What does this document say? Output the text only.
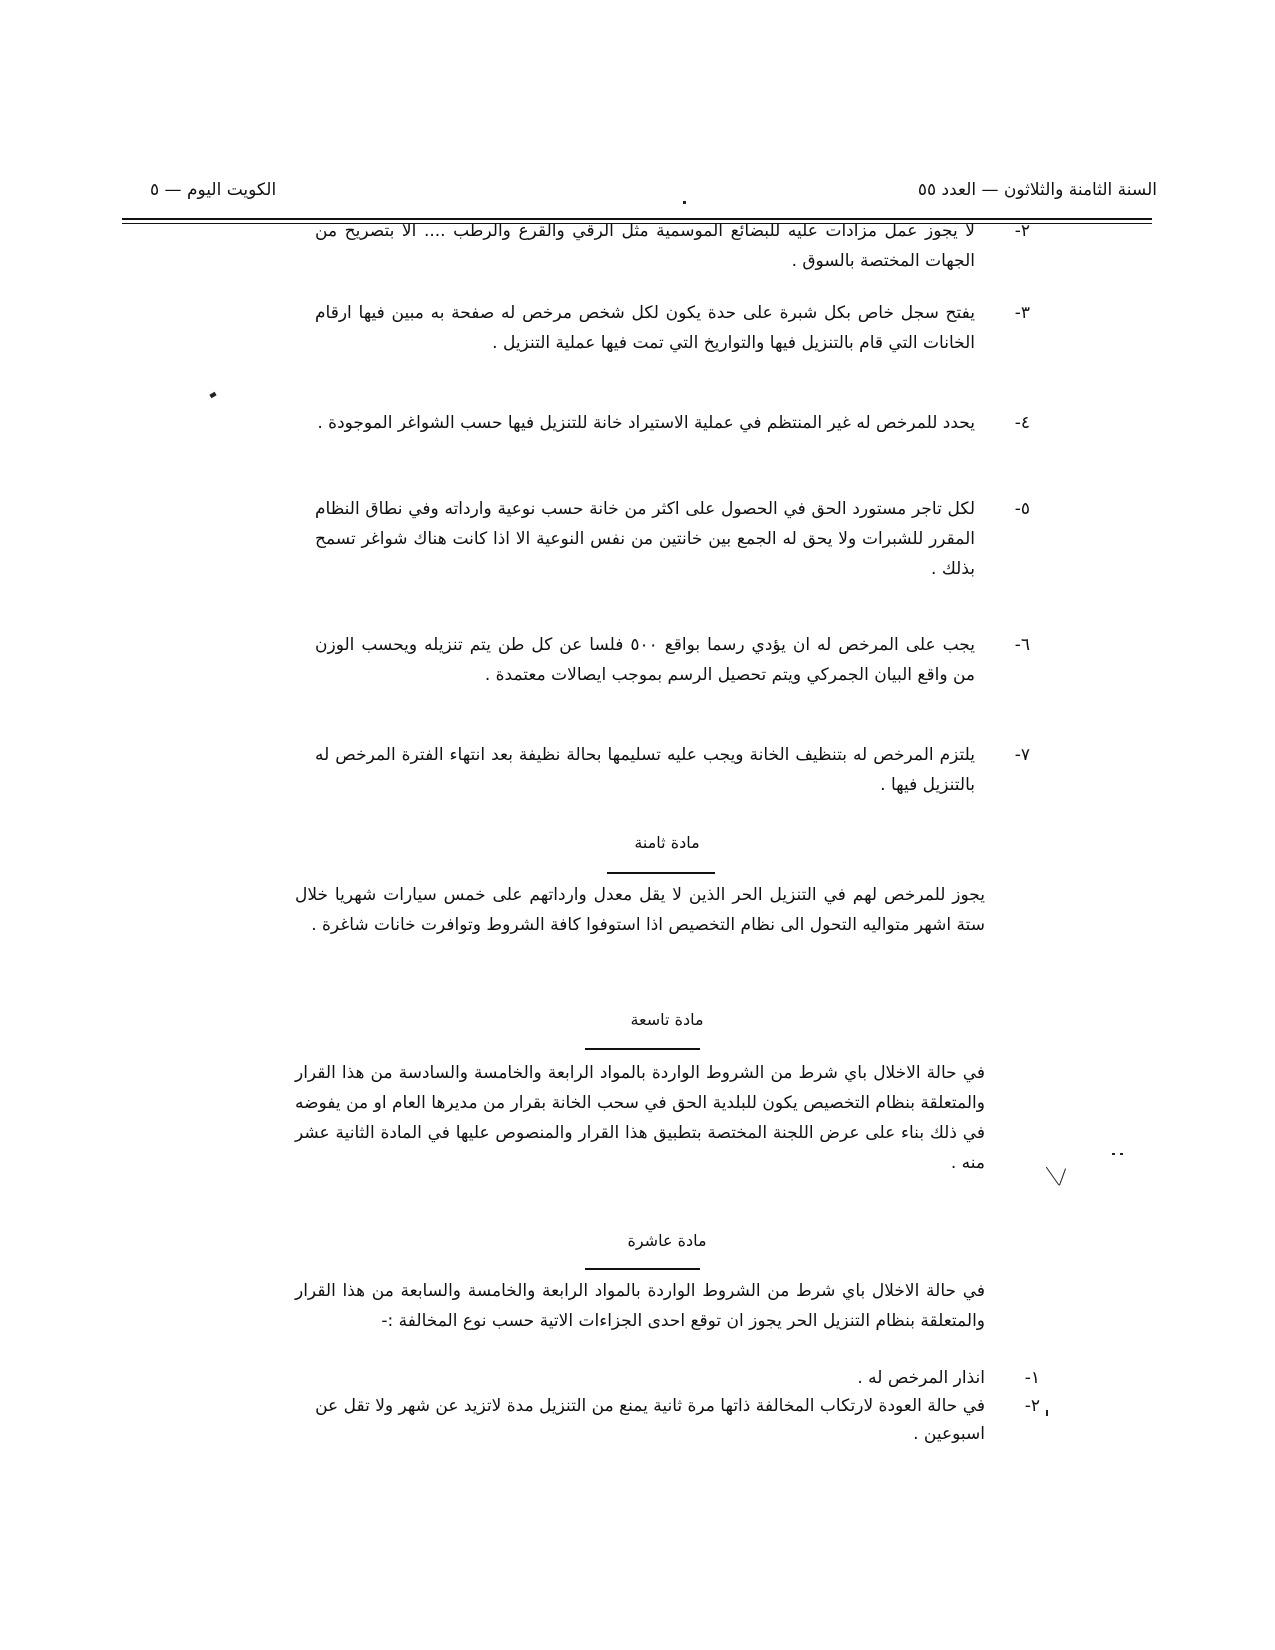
السنة الثامنة والثلاثون — العدد ٥٥
الكويت اليوم — ٥
٢-
لا يجوز عمل مزادات عليه للبضائع الموسمية مثل الرقي والقرع والرطب .... الا بتصريح من الجهات المختصة بالسوق .
٣-
يفتح سجل خاص بكل شبرة على حدة يكون لكل شخص مرخص له صفحة به مبين فيها ارقام الخانات التي قام بالتنزيل فيها والتواريخ التي تمت فيها عملية التنزيل .
٤-
يحدد للمرخص له غير المنتظم في عملية الاستيراد خانة للتنزيل فيها حسب الشواغر الموجودة .
٥-
لكل تاجر مستورد الحق في الحصول على اكثر من خانة حسب نوعية وارداته وفي نطاق النظام المقرر للشبرات ولا يحق له الجمع بين خانتين من نفس النوعية الا اذا كانت هناك شواغر تسمح بذلك .
٦-
يجب على المرخص له ان يؤدي رسما بواقع ٥٠٠ فلسا عن كل طن يتم تنزيله ويحسب الوزن من واقع البيان الجمركي ويتم تحصيل الرسم بموجب ايصالات معتمدة .
٧-
يلتزم المرخص له بتنظيف الخانة ويجب عليه تسليمها بحالة نظيفة بعد انتهاء الفترة المرخص له بالتنزيل فيها .
مادة ثامنة
يجوز للمرخص لهم في التنزيل الحر الذين لا يقل معدل وارداتهم على خمس سيارات شهريا خلال ستة اشهر متواليه التحول الى نظام التخصيص اذا استوفوا كافة الشروط وتوافرت خانات شاغرة .
مادة تاسعة
في حالة الاخلال باي شرط من الشروط الواردة بالمواد الرابعة والخامسة والسادسة من هذا القرار والمتعلقة بنظام التخصيص يكون للبلدية الحق في سحب الخانة بقرار من مديرها العام او من يفوضه في ذلك بناء على عرض اللجنة المختصة بتطبيق هذا القرار والمنصوص عليها في المادة الثانية عشر منه .
مادة عاشرة
في حالة الاخلال باي شرط من الشروط الواردة بالمواد الرابعة والخامسة والسابعة من هذا القرار والمتعلقة بنظام التنزيل الحر يجوز ان توقع احدى الجزاءات الاتية حسب نوع المخالفة :-
١-
انذار المرخص له .
٢-
في حالة العودة لارتكاب المخالفة ذاتها مرة ثانية يمنع من التنزيل مدة لاتزيد عن شهر ولا تقل عن اسبوعين .
